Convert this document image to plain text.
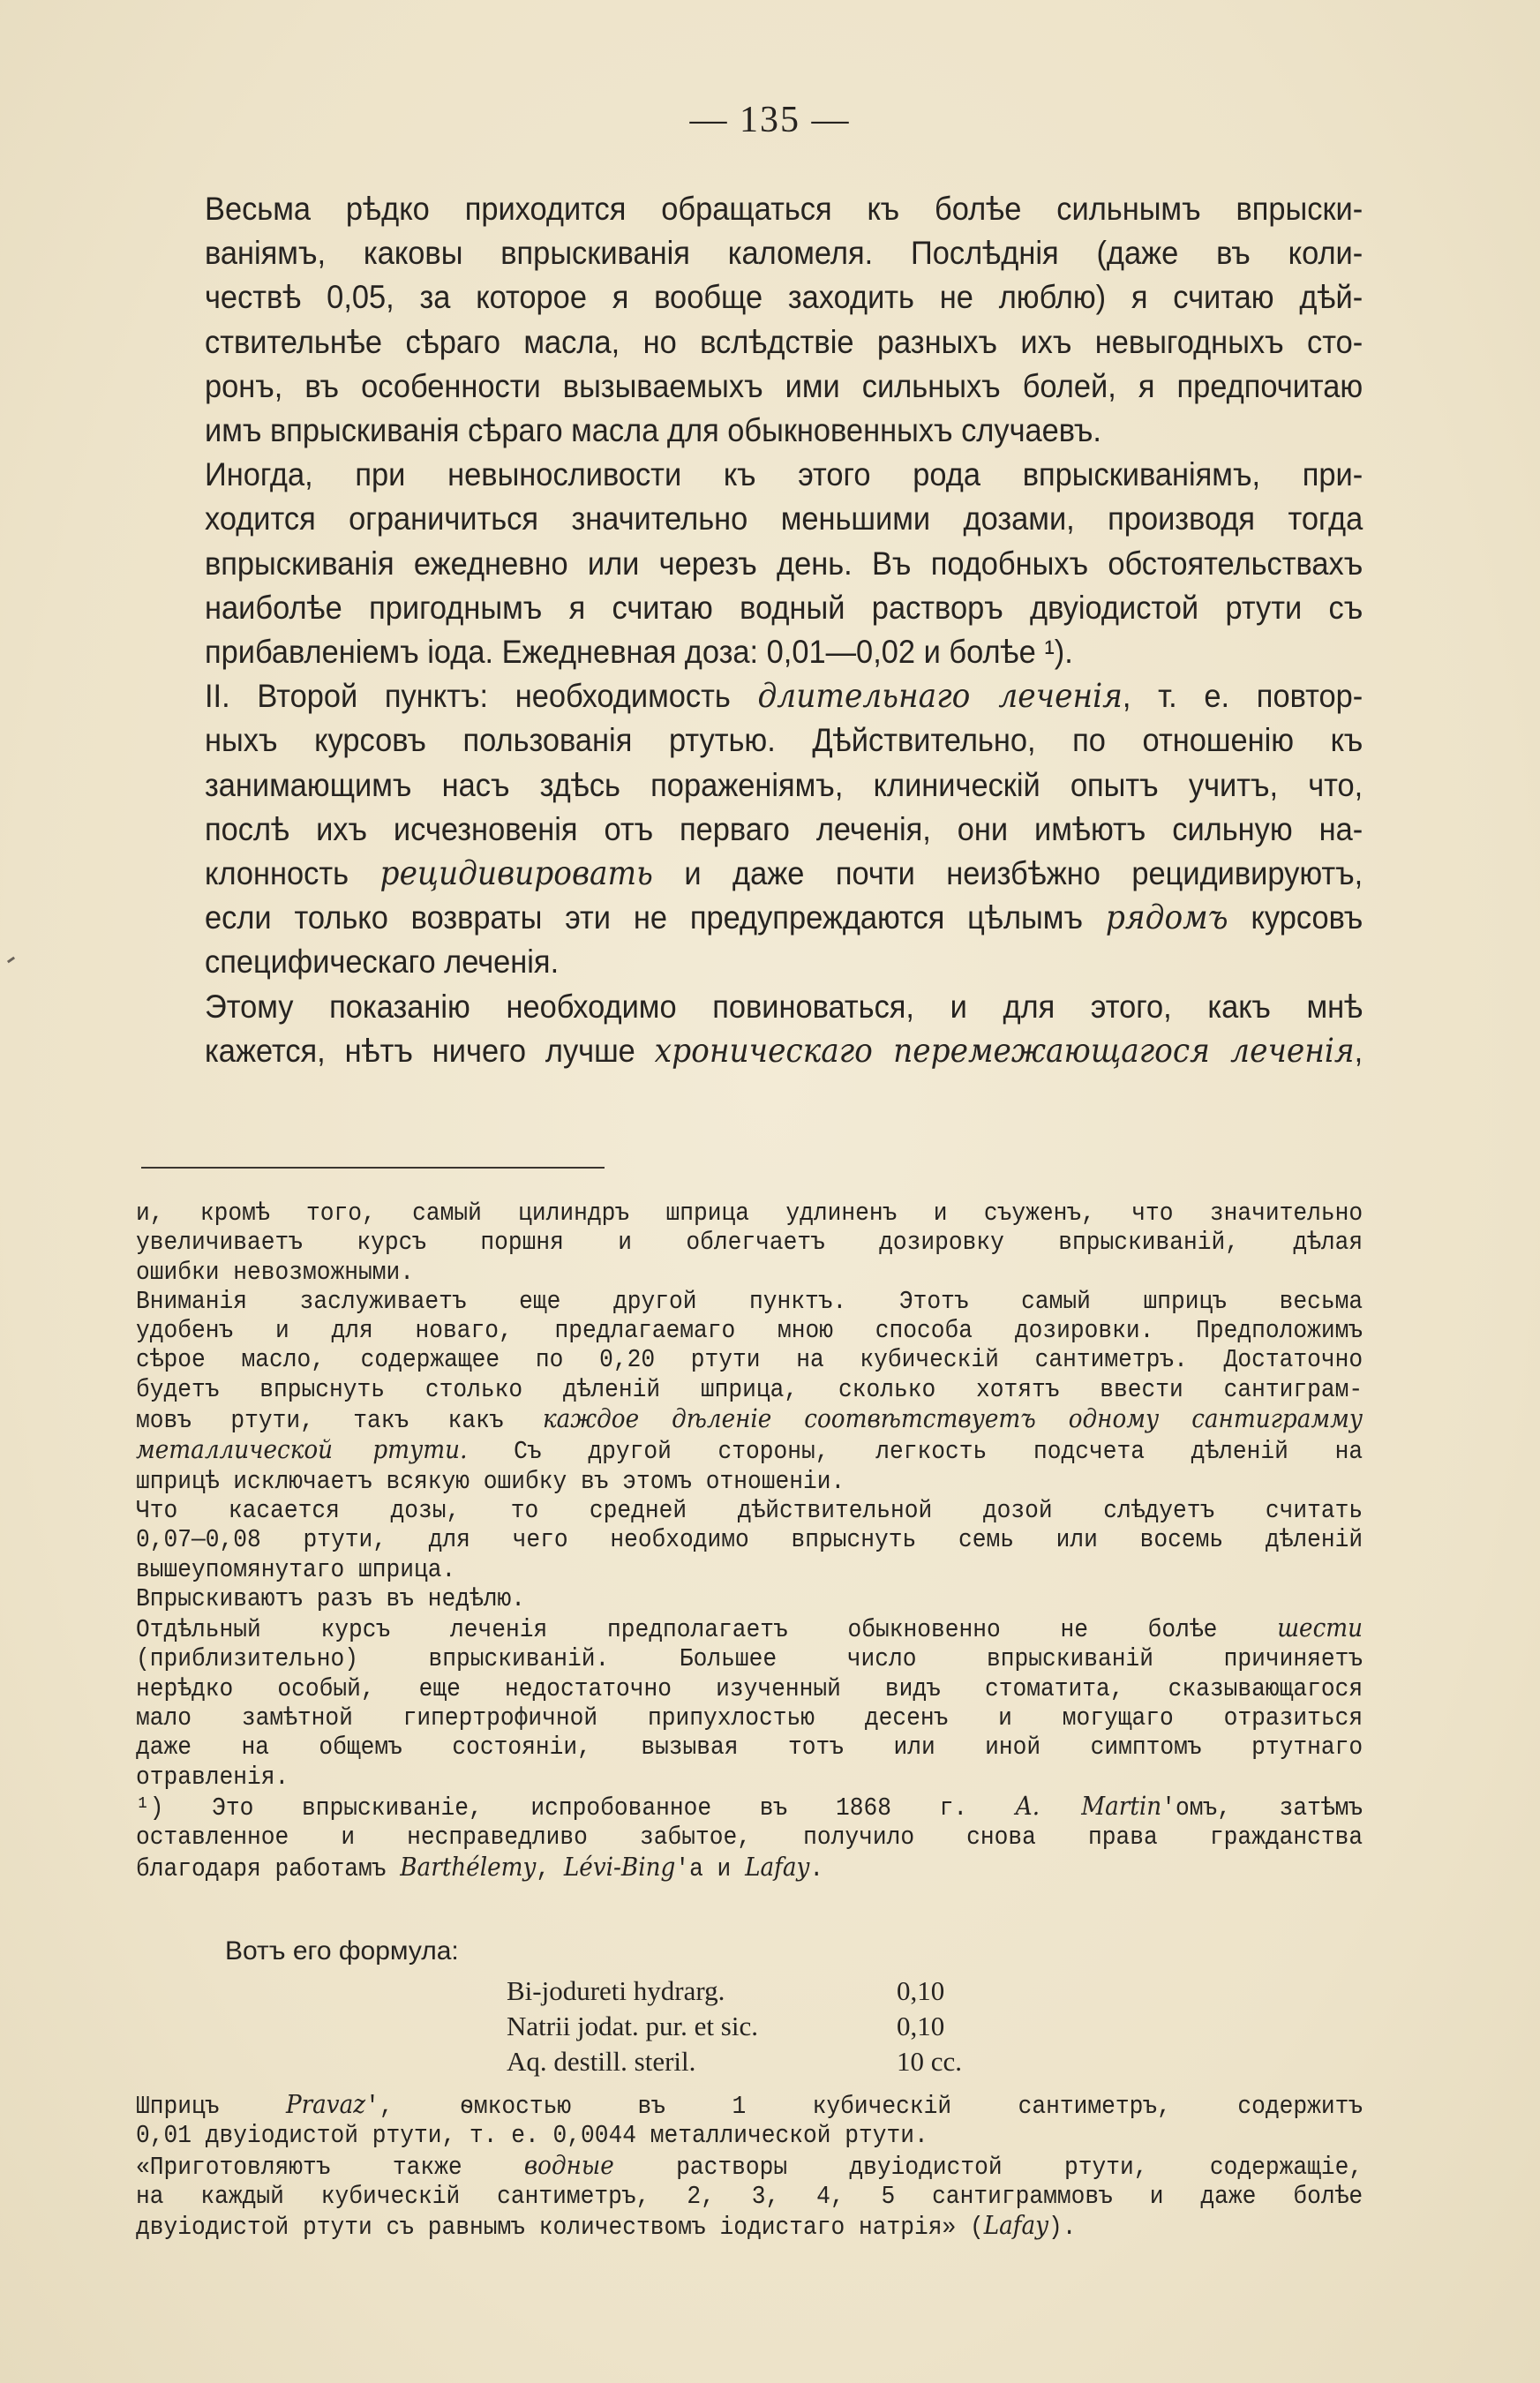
— 135 —
Весьма рѣдко приходится обращаться къ болѣе сильнымъ впрыски-
ваніямъ, каковы впрыскиванія каломеля. Послѣднія (даже въ коли-
чествѣ 0,05, за которое я вообще заходить не люблю) я считаю дѣй-
ствительнѣе сѣраго масла, но вслѣдствіе разныхъ ихъ невыгодныхъ сто-
ронъ, въ особенности вызываемыхъ ими сильныхъ болей, я предпочитаю
имъ впрыскиванія сѣраго масла для обыкновенныхъ случаевъ.
Иногда, при невыносливости къ этого рода впрыскиваніямъ, при-
ходится ограничиться значительно меньшими дозами, производя тогда
впрыскиванія ежедневно или черезъ день. Въ подобныхъ обстоятельствахъ
наиболѣе пригоднымъ я считаю водный растворъ двуіодистой ртути съ
прибавленіемъ іода. Ежедневная доза: 0,01—0,02 и болѣе ¹).
II. Второй пунктъ: необходимость длительнаго леченія, т. е. повтор-
ныхъ курсовъ пользованія ртутью. Дѣйствительно, по отношенію къ
занимающимъ насъ здѣсь пораженіямъ, клиническій опытъ учитъ, что,
послѣ ихъ исчезновенія отъ перваго леченія, они имѣютъ сильную на-
клонность рецидивировать и даже почти неизбѣжно рецидивируютъ,
если только возвраты эти не предупреждаются цѣлымъ рядомъ курсовъ
специфическаго леченія.
Этому показанію необходимо повиноваться, и для этого, какъ мнѣ
кажется, нѣтъ ничего лучше хроническаго перемежающагося леченія,
и, кромѣ того, самый цилиндръ шприца удлиненъ и съуженъ, что значительно
увеличиваетъ курсъ поршня и облегчаетъ дозировку впрыскиваній, дѣлая
ошибки невозможными.
Вниманія заслуживаетъ еще другой пунктъ. Этотъ самый шприцъ весьма
удобенъ и для новаго, предлагаемаго мною способа дозировки. Предположимъ
сѣрое масло, содержащее по 0,20 ртути на кубическій сантиметръ. Достаточно
будетъ впрыснуть столько дѣленій шприца, сколько хотятъ ввести сантиграм-
мовъ ртути, такъ какъ каждое дѣленіе соотвѣтствуетъ одному сантиграмму
металлической ртути. Съ другой стороны, легкость подсчета дѣленій на
шприцѣ исключаетъ всякую ошибку въ этомъ отношеніи.
Что касается дозы, то средней дѣйствительной дозой слѣдуетъ считать
0,07—0,08 ртути, для чего необходимо впрыснуть семь или восемь дѣленій
вышеупомянутаго шприца.
Впрыскиваютъ разъ въ недѣлю.
Отдѣльный курсъ леченія предполагаетъ обыкновенно не болѣе шести
(приблизительно) впрыскиваній. Большее число впрыскиваній причиняетъ
нерѣдко особый, еще недостаточно изученный видъ стоматита, сказывающагося
мало замѣтной гипертрофичной припухлостью десенъ и могущаго отразиться
даже на общемъ состояніи, вызывая тотъ или иной симптомъ ртутнаго
отравленія.
¹) Это впрыскиваніе, испробованное въ 1868 г. A. Martin'омъ, затѣмъ
оставленное и несправедливо забытое, получило снова права гражданства
благодаря работамъ Barthélemy, Lévi-Bing'а и Lafay.
Вотъ его формула:
Bi-jodureti hydrarg.	0,10
Natrii jodat. pur. et sic.	0,10
Aq. destill. steril.	10 cc.
Шприцъ	Pravaz', ѳмкостью въ 1 кубическій сантиметръ, содержитъ
0,01 двуіодистой ртути, т. е. 0,0044 металлической ртути.
«Приготовляютъ также водные растворы двуіодистой ртути, содержащіе,
на каждый кубическій сантиметръ, 2, 3, 4, 5 сантиграммовъ и даже болѣе
двуіодистой ртути съ равнымъ количествомъ іодистаго натрія» (Lafay).
